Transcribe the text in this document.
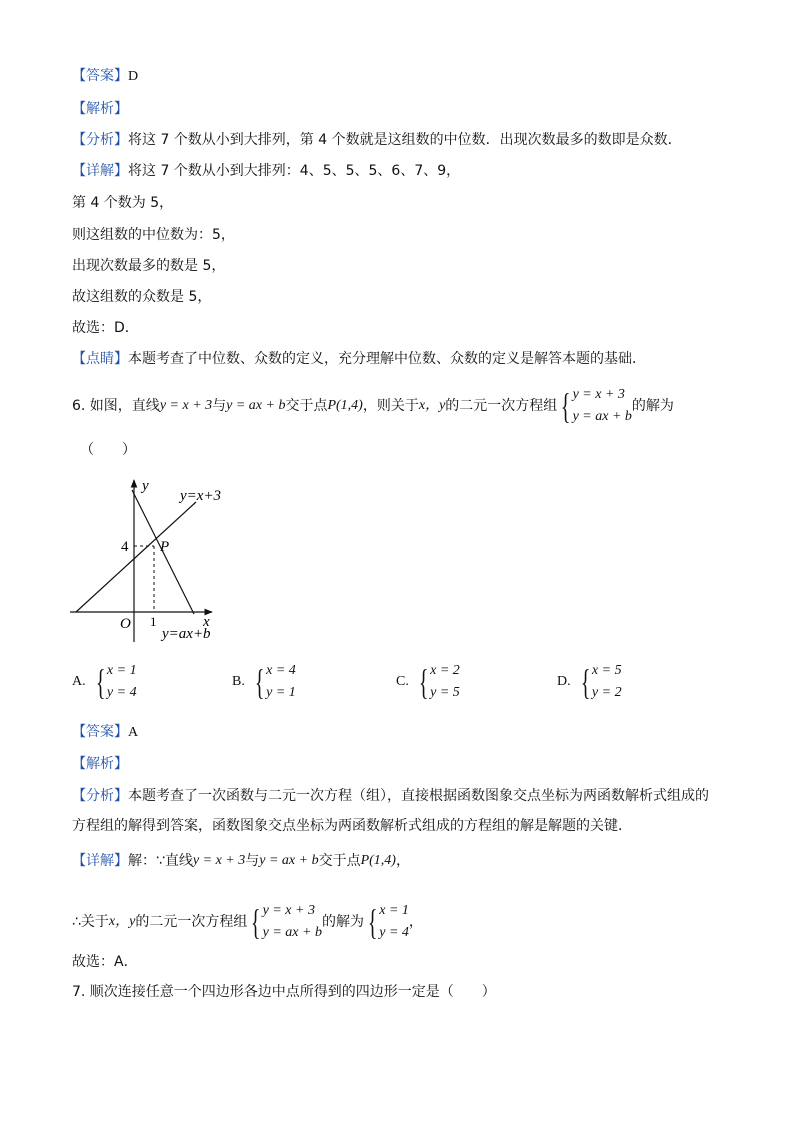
【答案】D
【解析】
【分析】将这 7 个数从小到大排列，第 4 个数就是这组数的中位数．出现次数最多的数即是众数．
【详解】将这 7 个数从小到大排列：4、5、5、5、6、7、9，
第 4 个数为 5，
则这组数的中位数为：5，
出现次数最多的数是 5，
故这组数的众数是 5，
故选：D．
【点睛】本题考查了中位数、众数的定义，充分理解中位数、众数的定义是解答本题的基础．
6. 如图，直线 y = x + 3 与 y = ax + b 交于点 P(1,4) ，则关于 x，y 的二元一次方程组 { y = x + 3
y = ax + b
的解为
（　　）
y
x
O 1
4 P
y=x+3
y=ax+b
A. { x = 1
y = 4
B. { x = 4
y = 1
C. { x = 2
y = 5
D. { x = 5
y = 2
【答案】A
【解析】
【分析】本题考查了一次函数与二元一次方程（组），直接根据函数图象交点坐标为两函数解析式组成的
方程组的解得到答案，函数图象交点坐标为两函数解析式组成的方程组的解是解题的关键．
【详解】 解：∵直线 y = x + 3 与 y = ax + b 交于点 P(1,4) ，
∴关于 x，y 的二元一次方程组 { y = x + 3
y = ax + b
的解为 { x = 1
y = 4
，
故选：A．
7. 顺次连接任意一个四边形各边中点所得到的四边形一定是（　　）
